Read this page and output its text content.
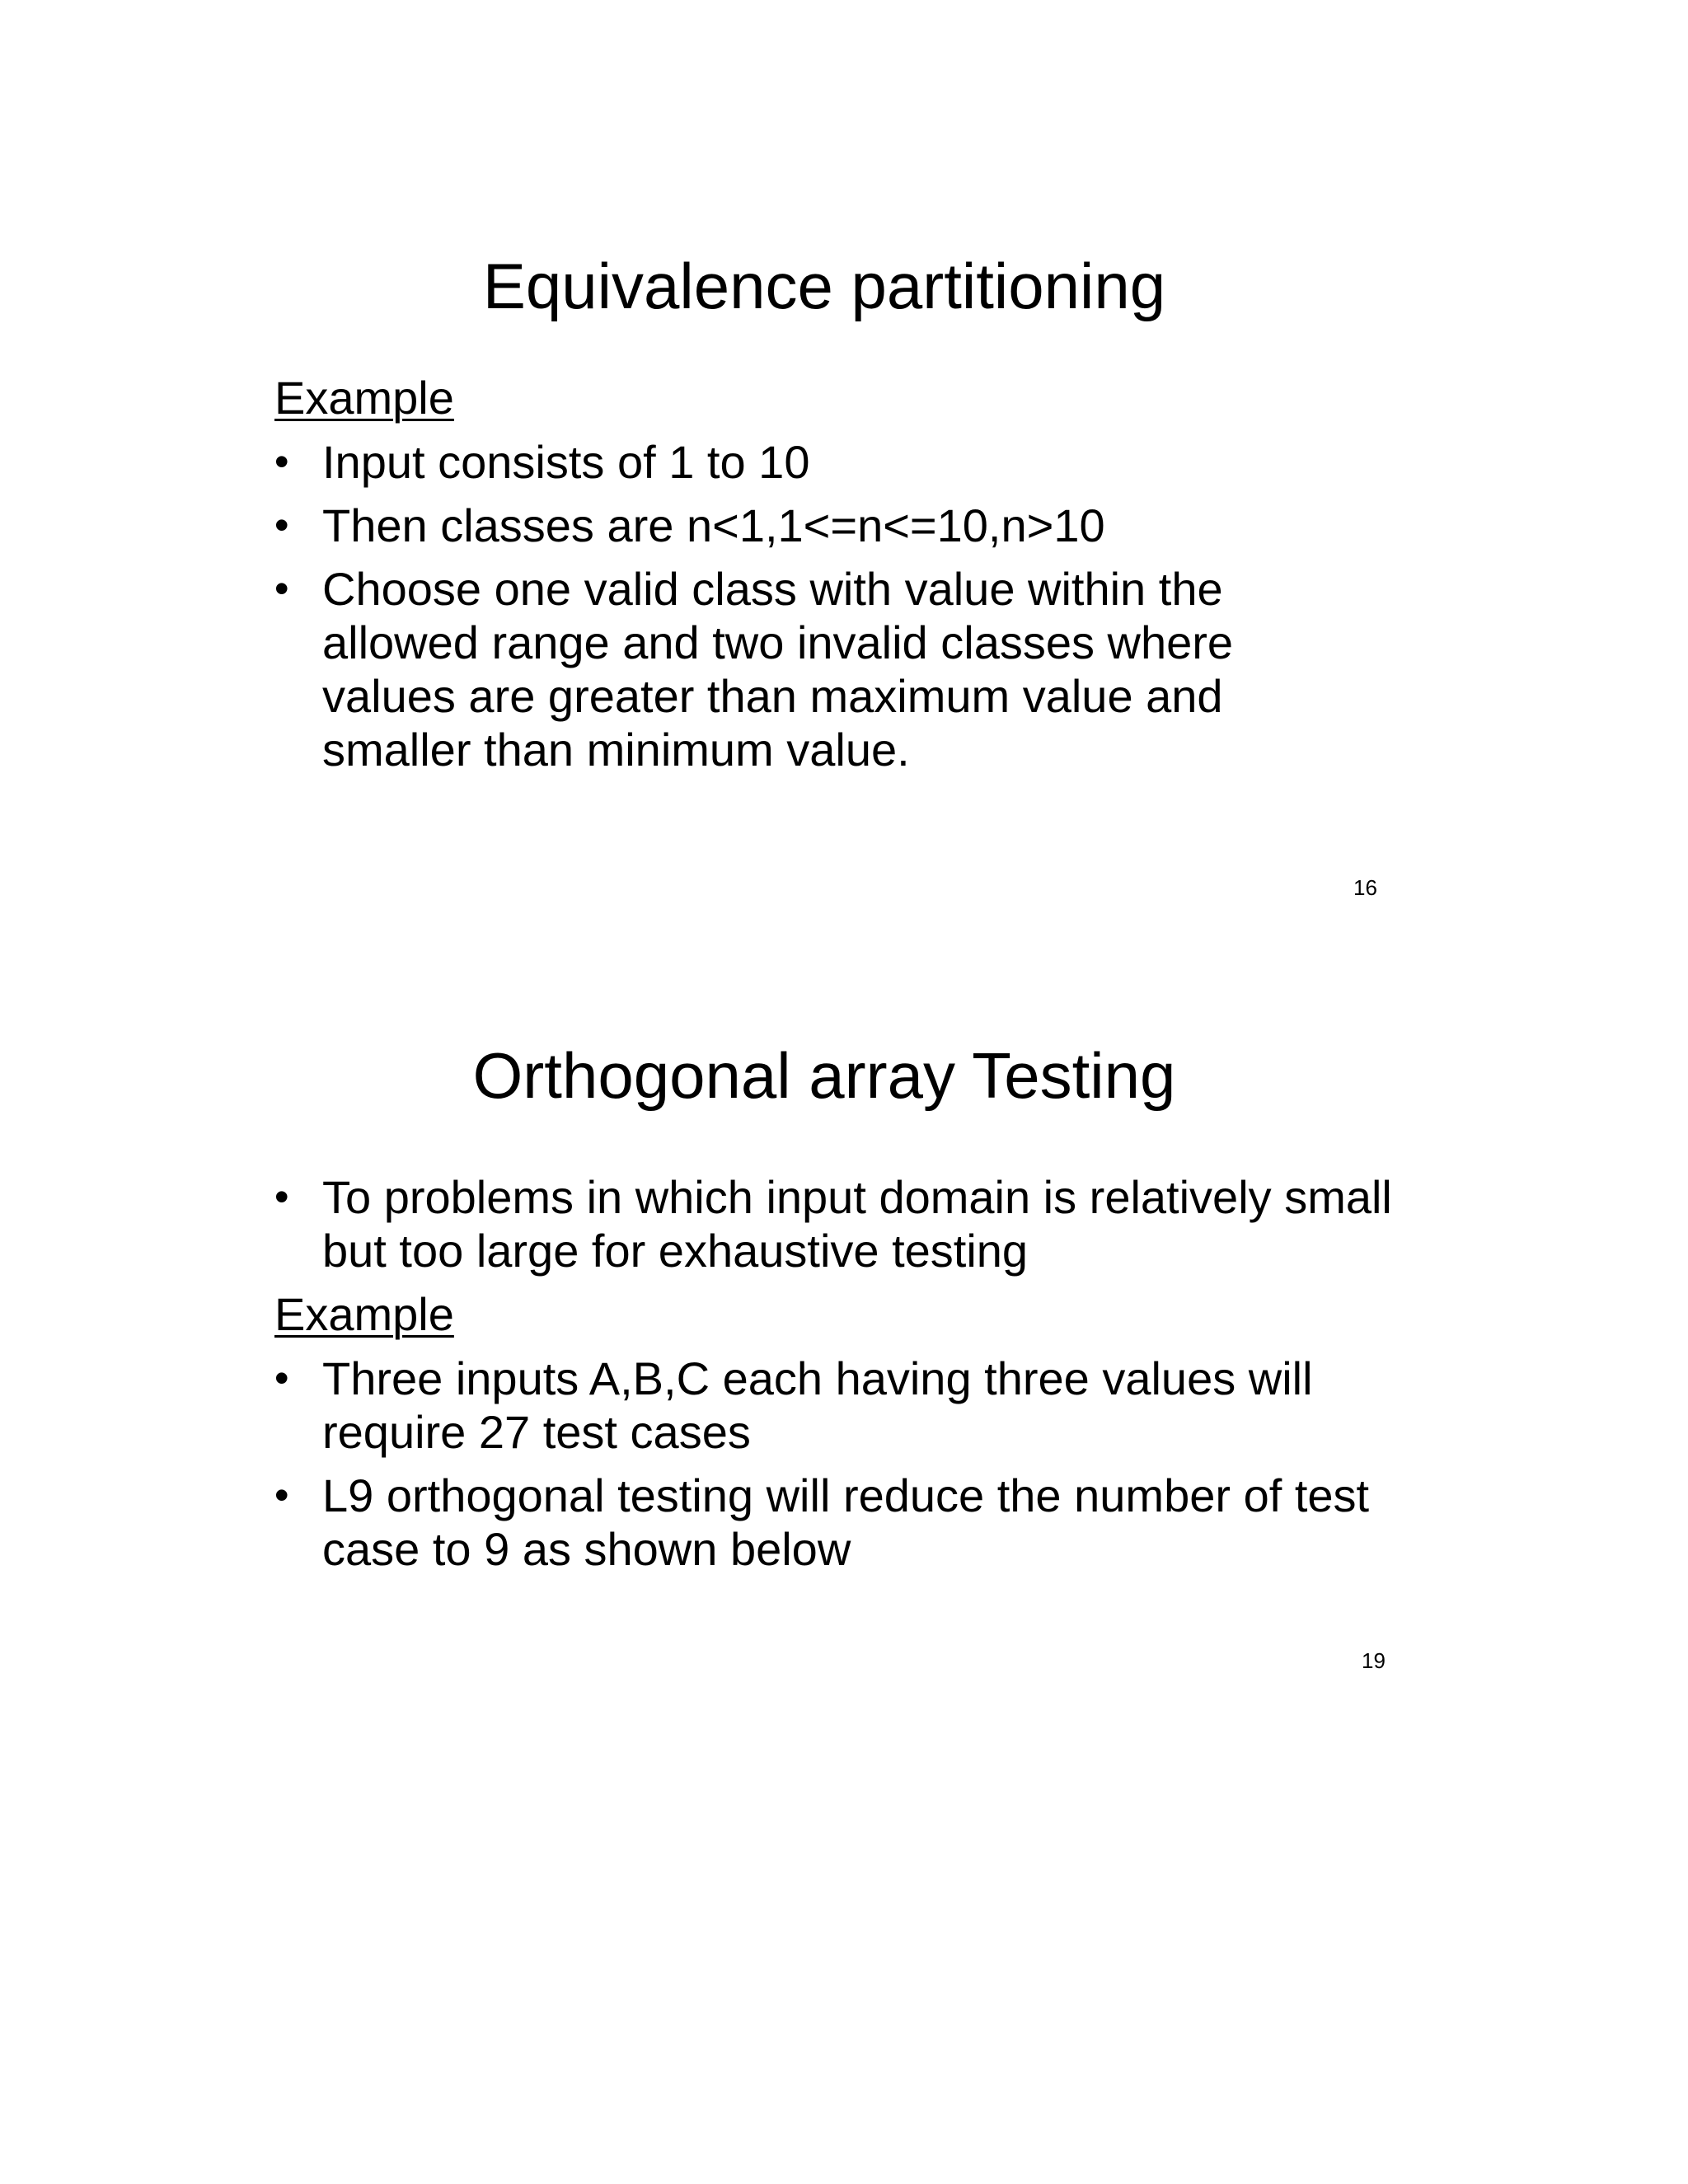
Equivalence partitioning
Example
• Input consists of 1 to 10
• Then classes are n<1,1<=n<=10,n>10
• Choose one valid class with value within the allowed range and two invalid classes where values are greater than maximum value and smaller than minimum value.
16
Orthogonal array Testing
• To problems in which input domain is relatively small but too large for exhaustive testing
Example
• Three inputs A,B,C each having three values will require 27 test cases
• L9 orthogonal testing will reduce the number of test case to 9 as shown below
19
